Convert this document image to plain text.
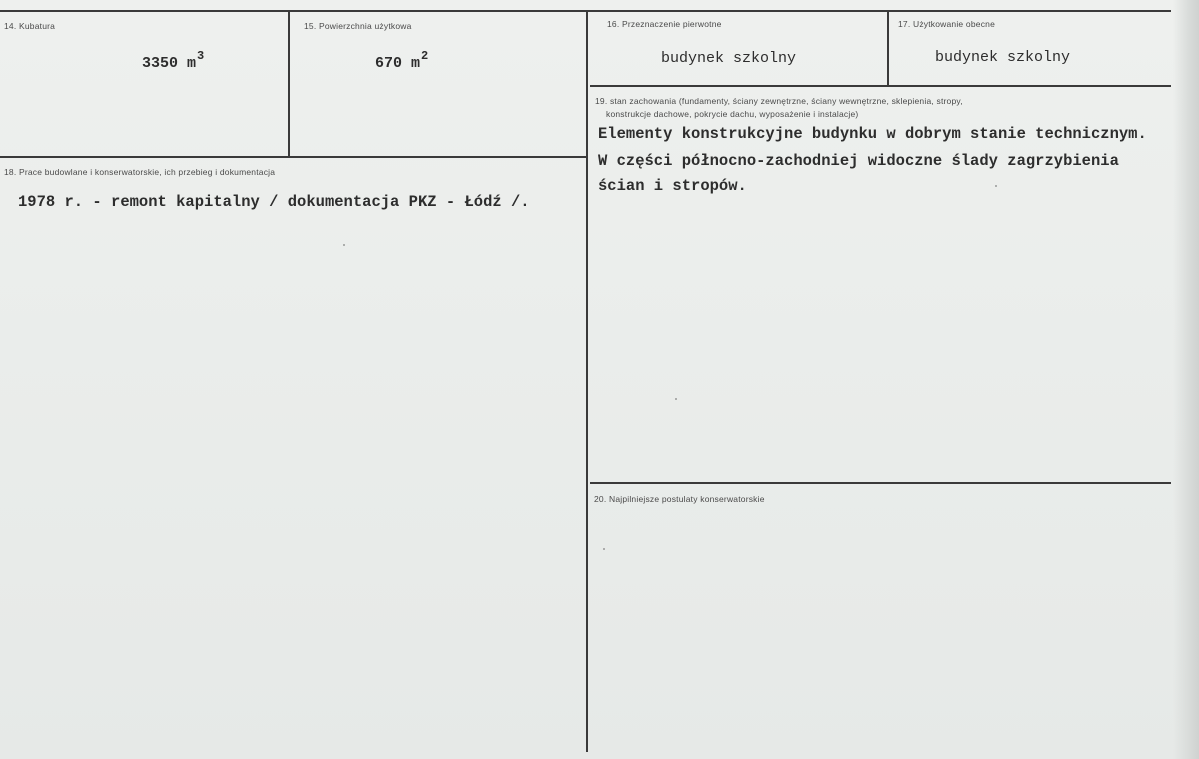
14. Kubatura
3350 $m^3$
15. Powierzchnia użytkowa
670 $m^2$
16. Przeznaczenie pierwotne
budynek szkolny
17. Użytkowanie obecne
budynek szkolny
18. Prace budowlane i konserwatorskie, ich przebieg i dokumentacja
1978 r. - remont kapitalny / dokumentacja PKZ - Łódź /.
19. stan zachowania (fundamenty, ściany zewnętrzne, ściany wewnętrzne, sklepienia, stropy,
konstrukcje dachowe, pokrycie dachu, wyposażenie i instalacje)
Elementy konstrukcyjne budynku w dobrym stanie technicznym.
W części północno-zachodniej widoczne ślady zagrzybienia
ścian i stropów.
20. Najpilniejsze postulaty konserwatorskie
